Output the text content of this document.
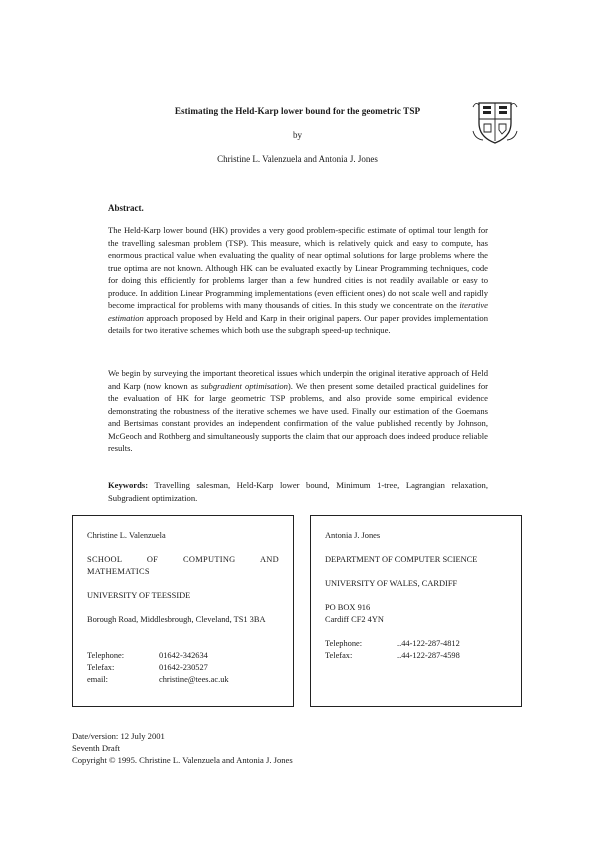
Estimating the Held-Karp lower bound for the geometric TSP
by
Christine L. Valenzuela and Antonia J. Jones
Abstract.
The Held-Karp lower bound (HK) provides a very good problem-specific estimate of optimal tour length for the travelling salesman problem (TSP). This measure, which is relatively quick and easy to compute, has enormous practical value when evaluating the quality of near optimal solutions for large problems where the true optima are not known. Although HK can be evaluated exactly by Linear Programming techniques, code for doing this efficiently for problems larger than a few hundred cities is not readily available or easy to produce. In addition Linear Programming implementations (even efficient ones) do not scale well and rapidly become impractical for problems with many thousands of cities. In this study we concentrate on the iterative estimation approach proposed by Held and Karp in their original papers. Our paper provides implementation details for two iterative schemes which both use the subgraph speed-up technique.
We begin by surveying the important theoretical issues which underpin the original iterative approach of Held and Karp (now known as subgradient optimisation). We then present some detailed practical guidelines for the evaluation of HK for large geometric TSP problems, and also provide some empirical evidence demonstrating the robustness of the iterative schemes we have used. Finally our estimation of the Goemans and Bertsimas constant provides an independent confirmation of the value published recently by Johnson, McGeoch and Rothberg and simultaneously supports the claim that our approach does indeed produce reliable results.
Keywords: Travelling salesman, Held-Karp lower bound, Minimum 1-tree, Lagrangian relaxation, Subgradient optimization.

Christine L. Valenzuela

SCHOOL OF COMPUTING AND

MATHEMATICS

UNIVERSITY OF TEESSIDE

Borough Road, Middlesbrough, Cleveland, TS1 3BA

Telephone:	01642-342634
Telefax:	01642-230527
email:	christine@tees.ac.uk

Antonia J. Jones

DEPARTMENT OF COMPUTER SCIENCE

UNIVERSITY OF WALES, CARDIFF

PO BOX 916

Cardiff CF2 4YN

Telephone:	..44-122-287-4812
Telefax:	..44-122-287-4598
Date/version: 12 July 2001
Seventh Draft
Copyright © 1995. Christine L. Valenzuela and Antonia J. Jones
